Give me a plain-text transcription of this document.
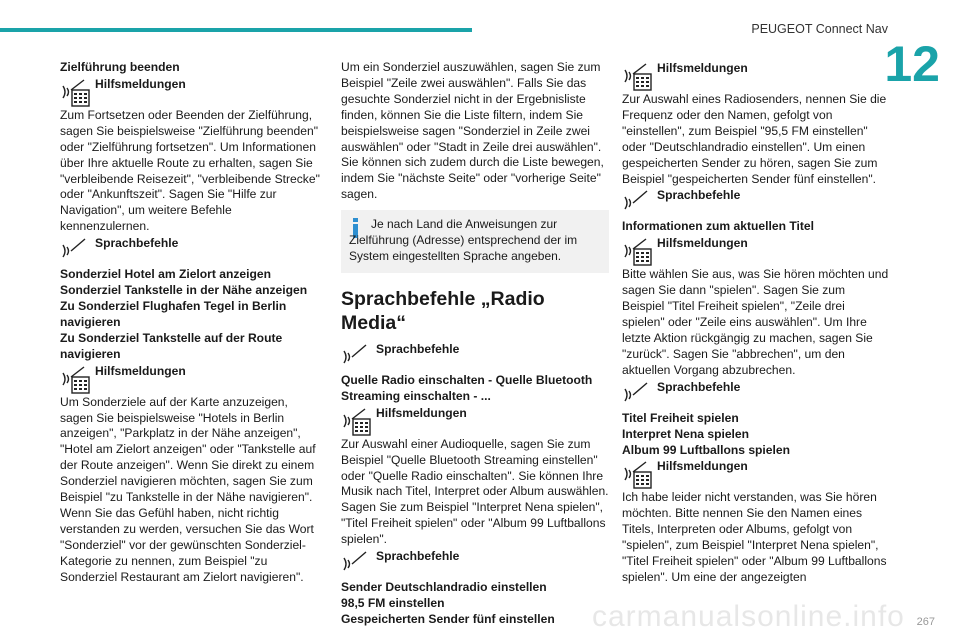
PEUGEOT Connect Nav
12
Zielführung beenden
Hilfsmeldungen
Zum Fortsetzen oder Beenden der Zielführung, sagen Sie beispielsweise "Zielführung beenden" oder "Zielführung fortsetzen". Um Informationen über Ihre aktuelle Route zu erhalten, sagen Sie "verbleibende Reisezeit", "verbleibende Strecke" oder "Ankunftszeit". Sagen Sie "Hilfe zur Navigation", um weitere Befehle kennenzulernen.
Sprachbefehle
Sonderziel Hotel am Zielort anzeigen
Sonderziel Tankstelle in der Nähe anzeigen
Zu Sonderziel Flughafen Tegel in Berlin navigieren
Zu Sonderziel Tankstelle auf der Route navigieren
Hilfsmeldungen
Um Sonderziele auf der Karte anzuzeigen, sagen Sie beispielsweise "Hotels in Berlin anzeigen", "Parkplatz in der Nähe anzeigen", "Hotel am Zielort anzeigen" oder "Tankstelle auf der Route anzeigen". Wenn Sie direkt zu einem Sonderziel navigieren möchten, sagen Sie zum Beispiel "zu Tankstelle in der Nähe navigieren". Wenn Sie das Gefühl haben, nicht richtig verstanden zu werden, versuchen Sie das Wort "Sonderziel" vor der gewünschten Sonderziel-Kategorie zu nennen, zum Beispiel "zu Sonderziel Restaurant am Zielort navigieren".
Um ein Sonderziel auszuwählen, sagen Sie zum Beispiel "Zeile zwei auswählen". Falls Sie das gesuchte Sonderziel nicht in der Ergebnisliste finden, können Sie die Liste filtern, indem Sie beispielsweise sagen "Sonderziel in Zeile zwei auswählen" oder "Stadt in Zeile drei auswählen". Sie können sich zudem durch die Liste bewegen, indem Sie "nächste Seite" oder "vorherige Seite" sagen.
Je nach Land die Anweisungen zur Zielführung (Adresse) entsprechend der im System eingestellten Sprache angeben.
Sprachbefehle „Radio Media“
Sprachbefehle
Quelle Radio einschalten - Quelle Bluetooth Streaming einschalten - ...
Hilfsmeldungen
Zur Auswahl einer Audioquelle, sagen Sie zum Beispiel "Quelle Bluetooth Streaming einstellen" oder "Quelle Radio einschalten". Sie können Ihre Musik nach Titel, Interpret oder Album auswählen. Sagen Sie zum Beispiel "Interpret Nena spielen", "Titel Freiheit spielen" oder "Album 99 Luftballons spielen".
Sprachbefehle
Sender Deutschlandradio einstellen
98,5 FM einstellen
Gespeicherten Sender fünf einstellen
Hilfsmeldungen
Zur Auswahl eines Radiosenders, nennen Sie die Frequenz oder den Namen, gefolgt von "einstellen", zum Beispiel "95,5 FM einstellen" oder "Deutschlandradio einstellen". Um einen gespeicherten Sender zu hören, sagen Sie zum Beispiel "gespeicherten Sender fünf einstellen".
Sprachbefehle
Informationen zum aktuellen Titel
Hilfsmeldungen
Bitte wählen Sie aus, was Sie hören möchten und sagen Sie dann "spielen". Sagen Sie zum Beispiel "Titel Freiheit spielen", "Zeile drei spielen" oder "Zeile eins auswählen". Um Ihre letzte Aktion rückgängig zu machen, sagen Sie "zurück". Sagen Sie "abbrechen", um den aktuellen Vorgang abzubrechen.
Sprachbefehle
Titel Freiheit spielen
Interpret Nena spielen
Album 99 Luftballons spielen
Hilfsmeldungen
Ich habe leider nicht verstanden, was Sie hören möchten. Bitte nennen Sie den Namen eines Titels, Interpreten oder Albums, gefolgt von "spielen", zum Beispiel "Interpret Nena spielen", "Titel Freiheit spielen" oder "Album 99 Luftballons spielen". Um eine der angezeigten
carmanualsonline.info 267
